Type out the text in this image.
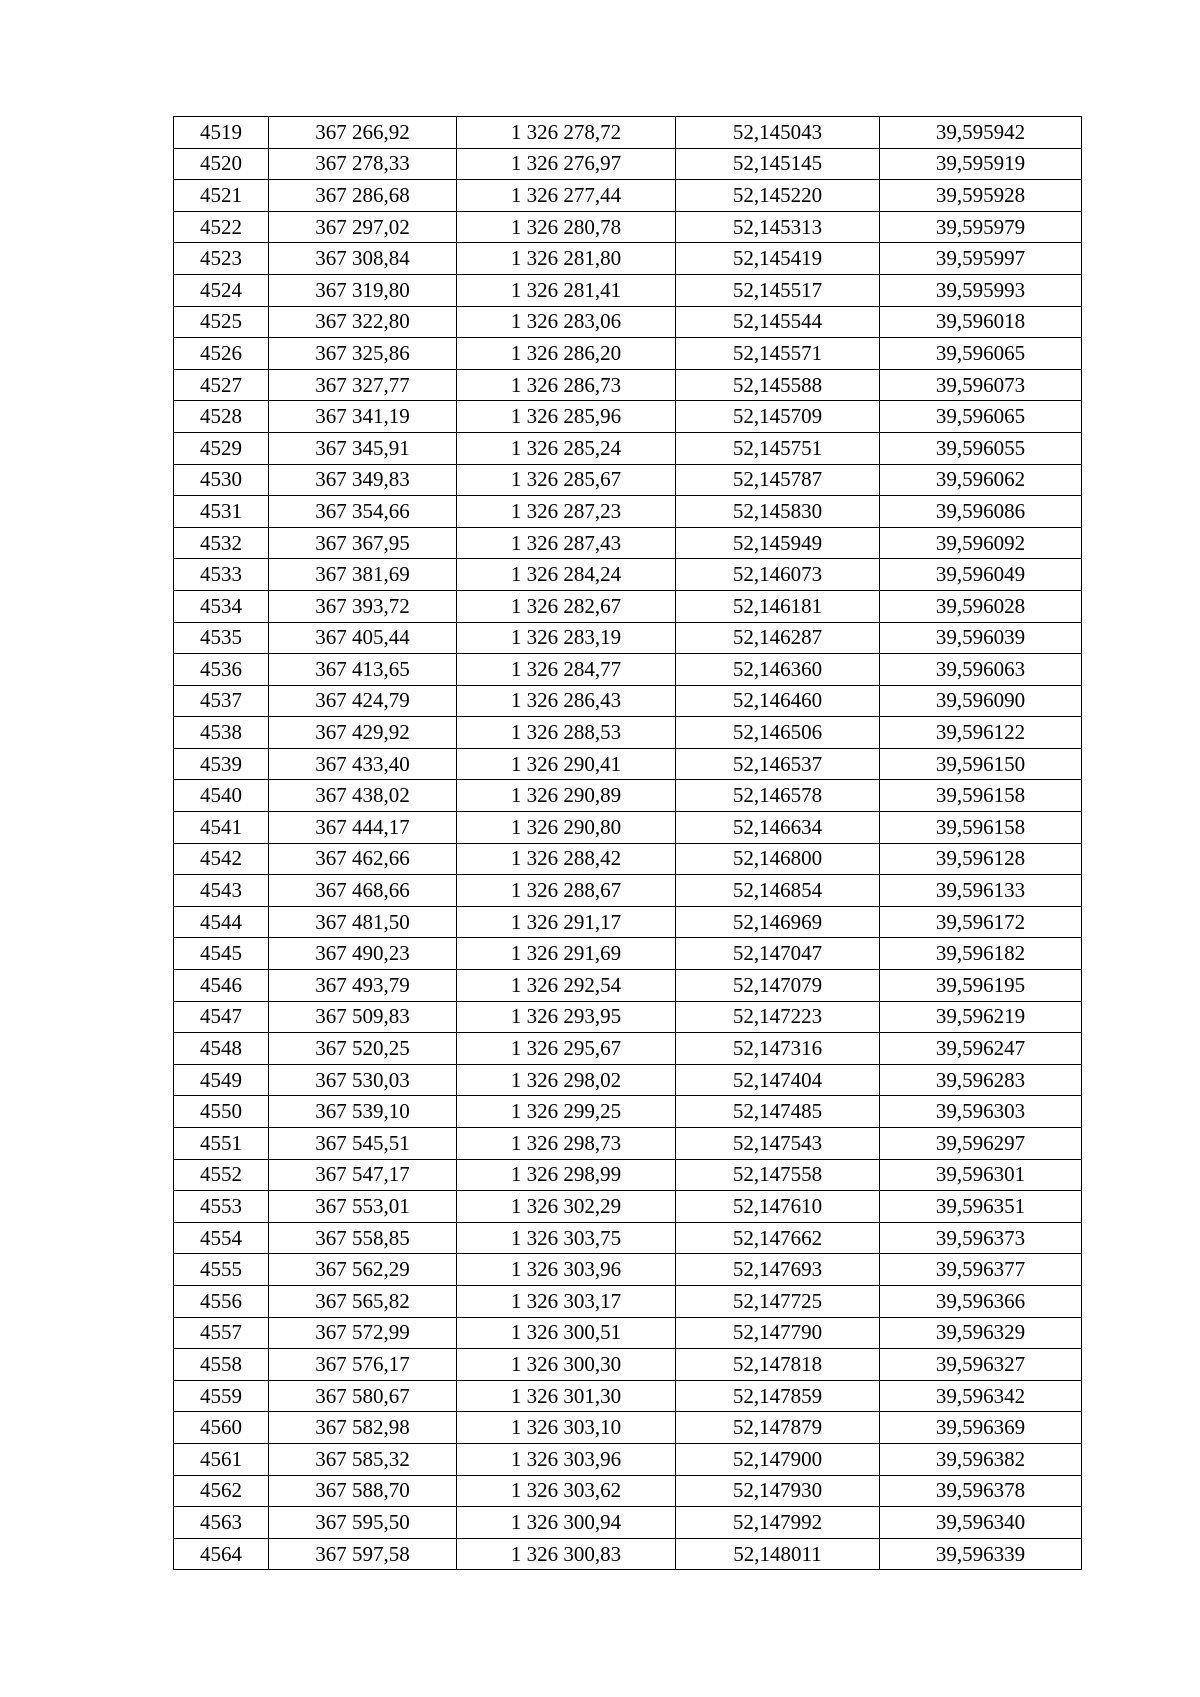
4519	367 266,92	1 326 278,72	52,145043	39,595942
4520	367 278,33	1 326 276,97	52,145145	39,595919
4521	367 286,68	1 326 277,44	52,145220	39,595928
4522	367 297,02	1 326 280,78	52,145313	39,595979
4523	367 308,84	1 326 281,80	52,145419	39,595997
4524	367 319,80	1 326 281,41	52,145517	39,595993
4525	367 322,80	1 326 283,06	52,145544	39,596018
4526	367 325,86	1 326 286,20	52,145571	39,596065
4527	367 327,77	1 326 286,73	52,145588	39,596073
4528	367 341,19	1 326 285,96	52,145709	39,596065
4529	367 345,91	1 326 285,24	52,145751	39,596055
4530	367 349,83	1 326 285,67	52,145787	39,596062
4531	367 354,66	1 326 287,23	52,145830	39,596086
4532	367 367,95	1 326 287,43	52,145949	39,596092
4533	367 381,69	1 326 284,24	52,146073	39,596049
4534	367 393,72	1 326 282,67	52,146181	39,596028
4535	367 405,44	1 326 283,19	52,146287	39,596039
4536	367 413,65	1 326 284,77	52,146360	39,596063
4537	367 424,79	1 326 286,43	52,146460	39,596090
4538	367 429,92	1 326 288,53	52,146506	39,596122
4539	367 433,40	1 326 290,41	52,146537	39,596150
4540	367 438,02	1 326 290,89	52,146578	39,596158
4541	367 444,17	1 326 290,80	52,146634	39,596158
4542	367 462,66	1 326 288,42	52,146800	39,596128
4543	367 468,66	1 326 288,67	52,146854	39,596133
4544	367 481,50	1 326 291,17	52,146969	39,596172
4545	367 490,23	1 326 291,69	52,147047	39,596182
4546	367 493,79	1 326 292,54	52,147079	39,596195
4547	367 509,83	1 326 293,95	52,147223	39,596219
4548	367 520,25	1 326 295,67	52,147316	39,596247
4549	367 530,03	1 326 298,02	52,147404	39,596283
4550	367 539,10	1 326 299,25	52,147485	39,596303
4551	367 545,51	1 326 298,73	52,147543	39,596297
4552	367 547,17	1 326 298,99	52,147558	39,596301
4553	367 553,01	1 326 302,29	52,147610	39,596351
4554	367 558,85	1 326 303,75	52,147662	39,596373
4555	367 562,29	1 326 303,96	52,147693	39,596377
4556	367 565,82	1 326 303,17	52,147725	39,596366
4557	367 572,99	1 326 300,51	52,147790	39,596329
4558	367 576,17	1 326 300,30	52,147818	39,596327
4559	367 580,67	1 326 301,30	52,147859	39,596342
4560	367 582,98	1 326 303,10	52,147879	39,596369
4561	367 585,32	1 326 303,96	52,147900	39,596382
4562	367 588,70	1 326 303,62	52,147930	39,596378
4563	367 595,50	1 326 300,94	52,147992	39,596340
4564	367 597,58	1 326 300,83	52,148011	39,596339
